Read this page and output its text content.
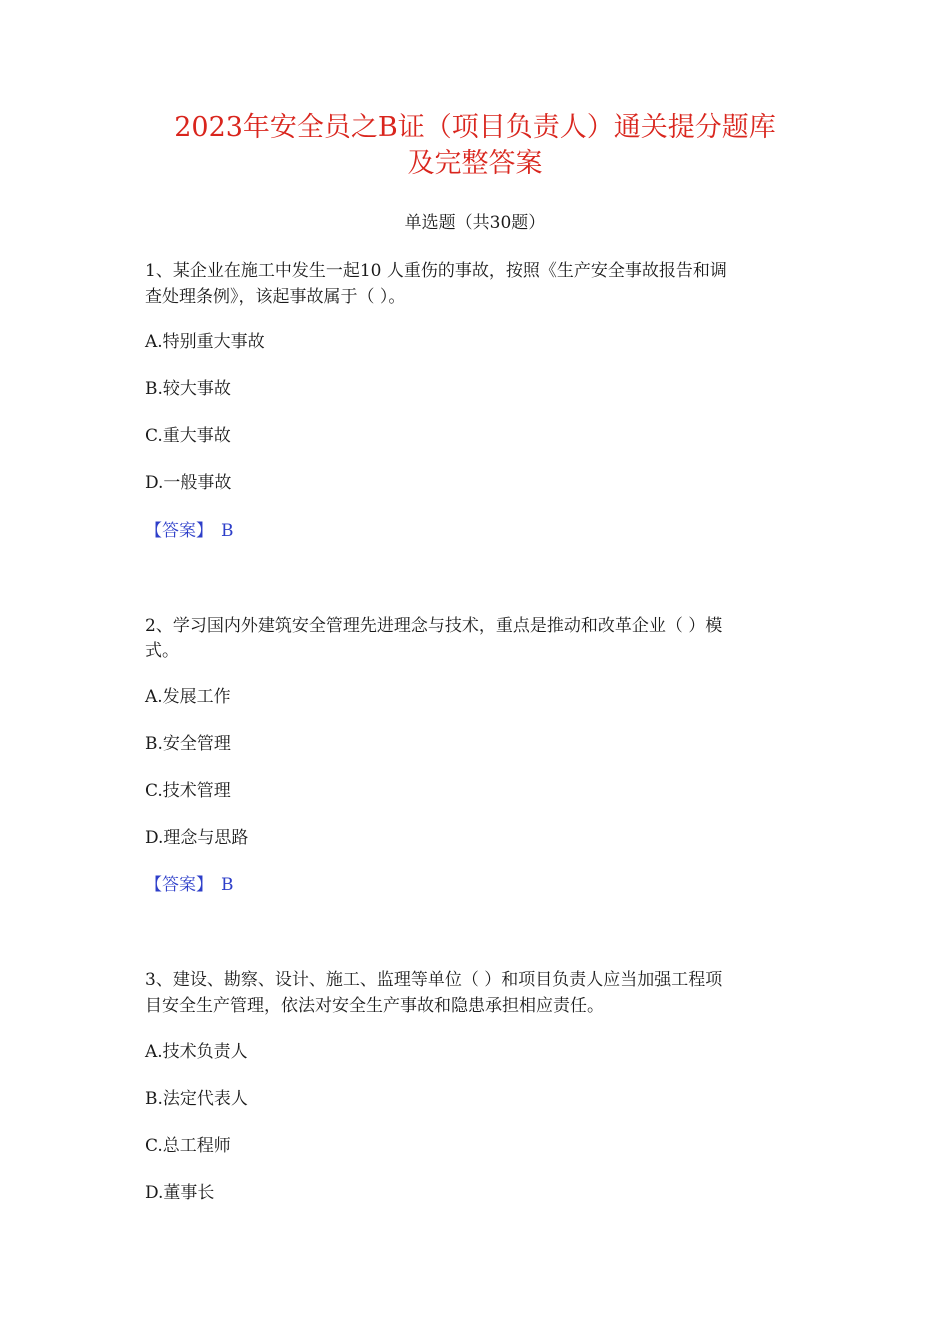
2023年安全员之B证（项目负责人）通关提分题库
及完整答案
单选题（共30题）
1、某企业在施工中发生一起10 人重伤的事故，按照《生产安全事故报告和调
查处理条例》，该起事故属于（ ）。
A.特别重大事故
B.较大事故
C.重大事故
D.一般事故
【答案】 B
2、学习国内外建筑安全管理先进理念与技术，重点是推动和改革企业（ ）模
式。
A.发展工作
B.安全管理
C.技术管理
D.理念与思路
【答案】 B
3、建设、勘察、设计、施工、监理等单位（ ）和项目负责人应当加强工程项
目安全生产管理，依法对安全生产事故和隐患承担相应责任。
A.技术负责人
B.法定代表人
C.总工程师
D.董事长
